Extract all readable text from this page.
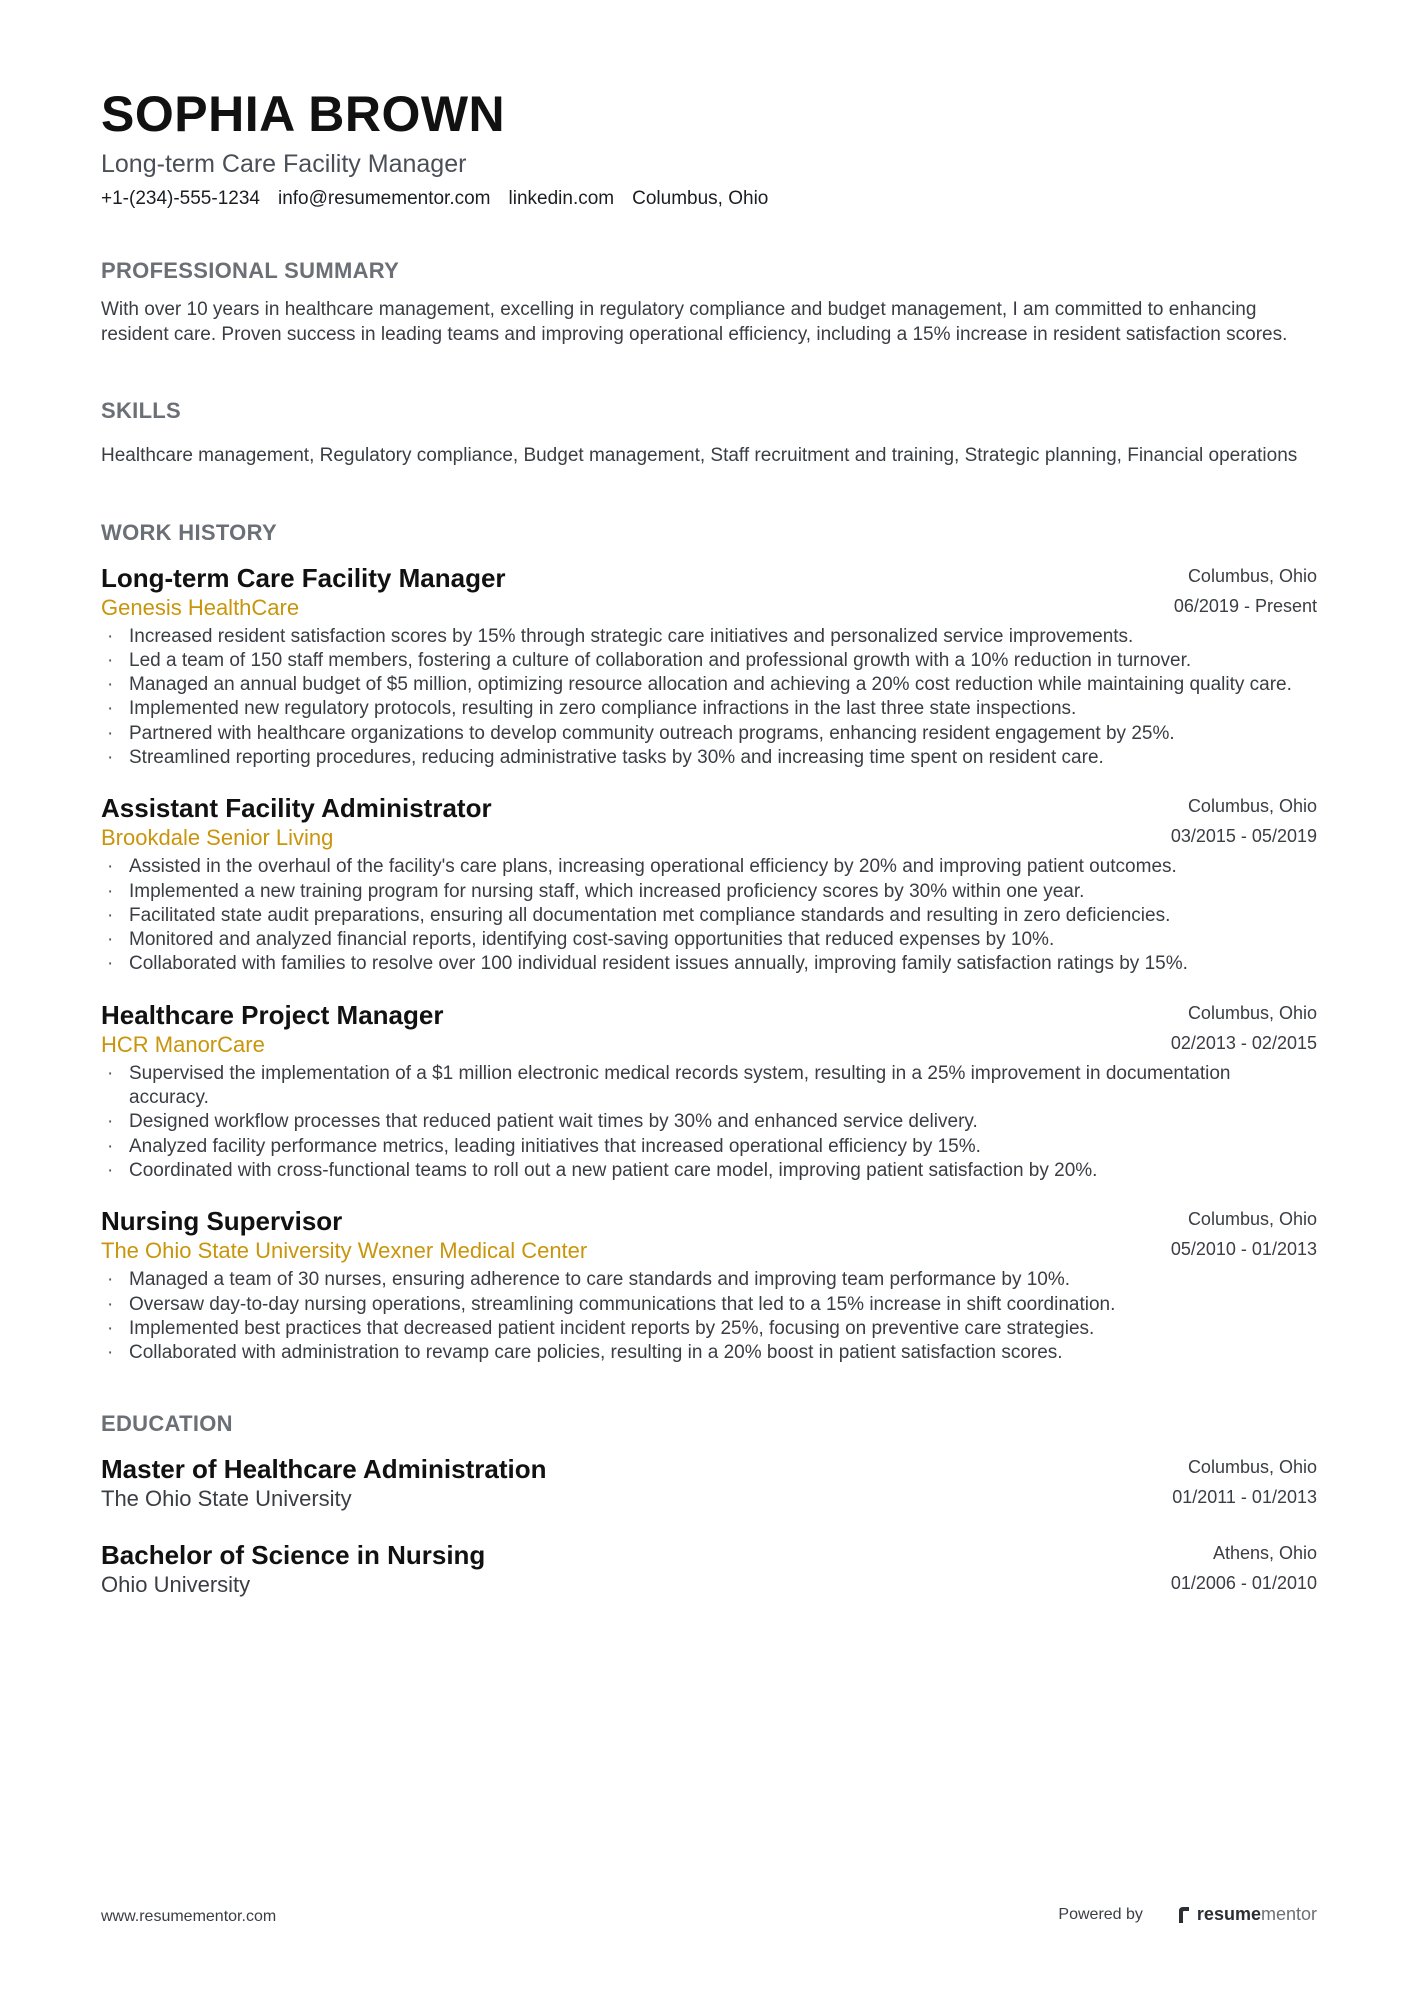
SOPHIA BROWN
Long-term Care Facility Manager
+1-(234)-555-1234 info@resumementor.com linkedin.com Columbus, Ohio
PROFESSIONAL SUMMARY
With over 10 years in healthcare management, excelling in regulatory compliance and budget management, I am committed to enhancing resident care. Proven success in leading teams and improving operational efficiency, including a 15% increase in resident satisfaction scores.
SKILLS
Healthcare management, Regulatory compliance, Budget management, Staff recruitment and training, Strategic planning, Financial operations
WORK HISTORY
Long-term Care Facility Manager
Genesis HealthCare
Columbus, Ohio
06/2019 - Present
· Increased resident satisfaction scores by 15% through strategic care initiatives and personalized service improvements.
· Led a team of 150 staff members, fostering a culture of collaboration and professional growth with a 10% reduction in turnover.
· Managed an annual budget of $5 million, optimizing resource allocation and achieving a 20% cost reduction while maintaining quality care.
· Implemented new regulatory protocols, resulting in zero compliance infractions in the last three state inspections.
· Partnered with healthcare organizations to develop community outreach programs, enhancing resident engagement by 25%.
· Streamlined reporting procedures, reducing administrative tasks by 30% and increasing time spent on resident care.
Assistant Facility Administrator
Brookdale Senior Living
Columbus, Ohio
03/2015 - 05/2019
· Assisted in the overhaul of the facility's care plans, increasing operational efficiency by 20% and improving patient outcomes.
· Implemented a new training program for nursing staff, which increased proficiency scores by 30% within one year.
· Facilitated state audit preparations, ensuring all documentation met compliance standards and resulting in zero deficiencies.
· Monitored and analyzed financial reports, identifying cost-saving opportunities that reduced expenses by 10%.
· Collaborated with families to resolve over 100 individual resident issues annually, improving family satisfaction ratings by 15%.
Healthcare Project Manager
HCR ManorCare
Columbus, Ohio
02/2013 - 02/2015
· Supervised the implementation of a $1 million electronic medical records system, resulting in a 25% improvement in documentation accuracy.
· Designed workflow processes that reduced patient wait times by 30% and enhanced service delivery.
· Analyzed facility performance metrics, leading initiatives that increased operational efficiency by 15%.
· Coordinated with cross-functional teams to roll out a new patient care model, improving patient satisfaction by 20%.
Nursing Supervisor
The Ohio State University Wexner Medical Center
Columbus, Ohio
05/2010 - 01/2013
· Managed a team of 30 nurses, ensuring adherence to care standards and improving team performance by 10%.
· Oversaw day-to-day nursing operations, streamlining communications that led to a 15% increase in shift coordination.
· Implemented best practices that decreased patient incident reports by 25%, focusing on preventive care strategies.
· Collaborated with administration to revamp care policies, resulting in a 20% boost in patient satisfaction scores.
EDUCATION
Master of Healthcare Administration
The Ohio State University
Columbus, Ohio
01/2011 - 01/2013
Bachelor of Science in Nursing
Ohio University
Athens, Ohio
01/2006 - 01/2010
www.resumementor.com	Powered by	resumementor
